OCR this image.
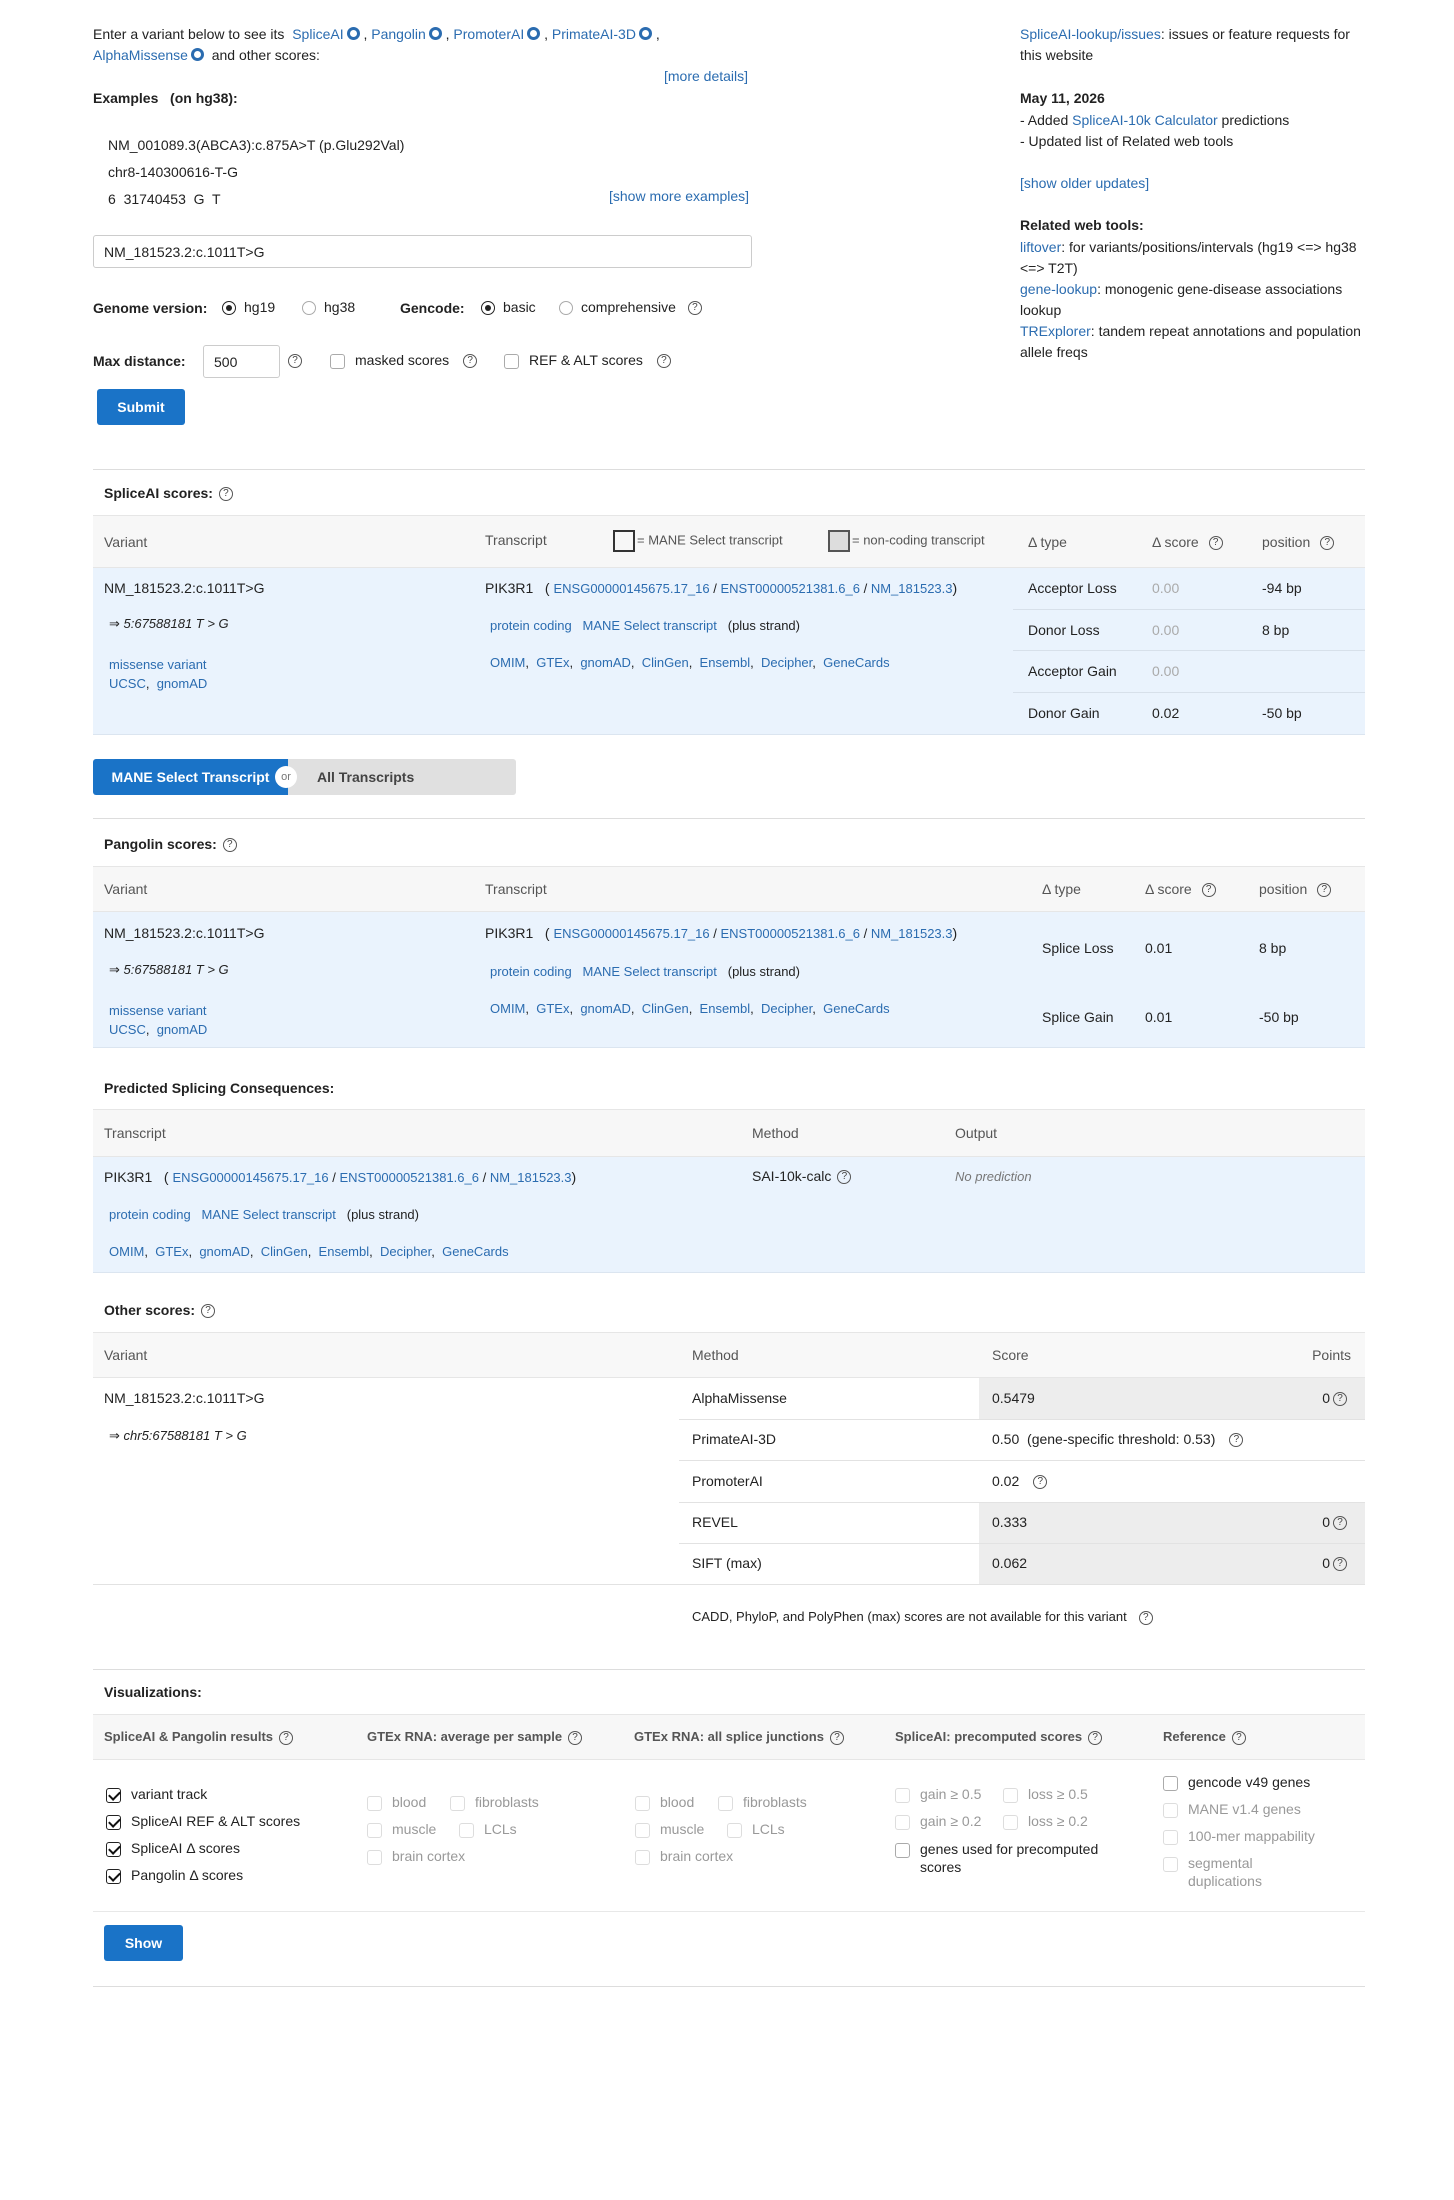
Enter a variant below to see its SpliceAI , Pangolin , PromoterAI , PrimateAI-3D ,
AlphaMissense and other scores:
[more details]
Examples (on hg38):
NM_001089.3(ABCA3):c.875A>T (p.Glu292Val)
chr8-140300616-T-G
6  31740453  G  T	[show more examples]
NM_181523.2:c.1011T>G
Genome version:	hg19	hg38	Gencode:	basic	comprehensive ?
Max distance:
500	?	masked scores ?	REF & ALT scores ?
Submit
SpliceAI-lookup/issues: issues or feature requests for this website
May 11, 2026
- Added SpliceAI-10k Calculator predictions
- Updated list of Related web tools
[show older updates]
Related web tools:
liftover: for variants/positions/intervals (hg19 <=> hg38 <=> T2T)
gene-lookup: monogenic gene-disease associations lookup
TRExplorer: tandem repeat annotations and population allele freqs
SpliceAI scores: ?
Variant	Transcript	= MANE Select transcript	= non-coding transcript	Δ type	Δ score ?	position ?
NM_181523.2:c.1011T>G
⇒ 5:67588181 T > G
missense variant
UCSC,  gnomAD
PIK3R1   ( ENSG00000145675.17_16 / ENST00000521381.6_6 / NM_181523.3)
protein coding MANE Select transcript (plus strand)
OMIM,  GTEx,  gnomAD,  ClinGen,  Ensembl,  Decipher,  GeneCards
Acceptor Loss	0.00	-94 bp
Donor Loss	0.00	8 bp
Acceptor Gain	0.00
Donor Gain	0.02	-50 bp
MANE Select Transcript	All Transcripts
or
Pangolin scores: ?
Variant	Transcript	Δ type	Δ score ?	position ?
NM_181523.2:c.1011T>G
⇒ 5:67588181 T > G
missense variant
UCSC,  gnomAD
PIK3R1   ( ENSG00000145675.17_16 / ENST00000521381.6_6 / NM_181523.3)
protein coding MANE Select transcript (plus strand)
OMIM,  GTEx,  gnomAD,  ClinGen,  Ensembl,  Decipher,  GeneCards
Splice Loss 0.01	8 bp
Splice Gain 0.01	-50 bp
Predicted Splicing Consequences:
Transcript	Method	Output
PIK3R1   ( ENSG00000145675.17_16 / ENST00000521381.6_6 / NM_181523.3)
protein coding MANE Select transcript (plus strand)
OMIM,  GTEx,  gnomAD,  ClinGen,  Ensembl,  Decipher,  GeneCards
SAI-10k-calc ?	No prediction
Other scores: ?
Variant	Method	Score	Points
NM_181523.2:c.1011T>G
⇒ chr5:67588181 T > G
AlphaMissense	0.5479	0 ?
PrimateAI-3D	0.50  (gene-specific threshold: 0.53) ?
PromoterAI	0.02 ?
REVEL	0.333	0 ?
SIFT (max)	0.062	0 ?
CADD, PhyloP, and PolyPhen (max) scores are not available for this variant ?
Visualizations:
SpliceAI & Pangolin results ?	GTEx RNA: average per sample ?	GTEx RNA: all splice junctions ?	SpliceAI: precomputed scores ?	Reference ?
variant track
SpliceAI REF & ALT scores
SpliceAI Δ scores
Pangolin Δ scores
blood	fibroblasts
muscle	LCLs
brain cortex
blood	fibroblasts
muscle	LCLs
brain cortex
gain ≥ 0.5	loss ≥ 0.5
gain ≥ 0.2	loss ≥ 0.2
genes used for precomputed scores
gencode v49 genes
MANE v1.4 genes
100-mer mappability
segmental duplications
Show
